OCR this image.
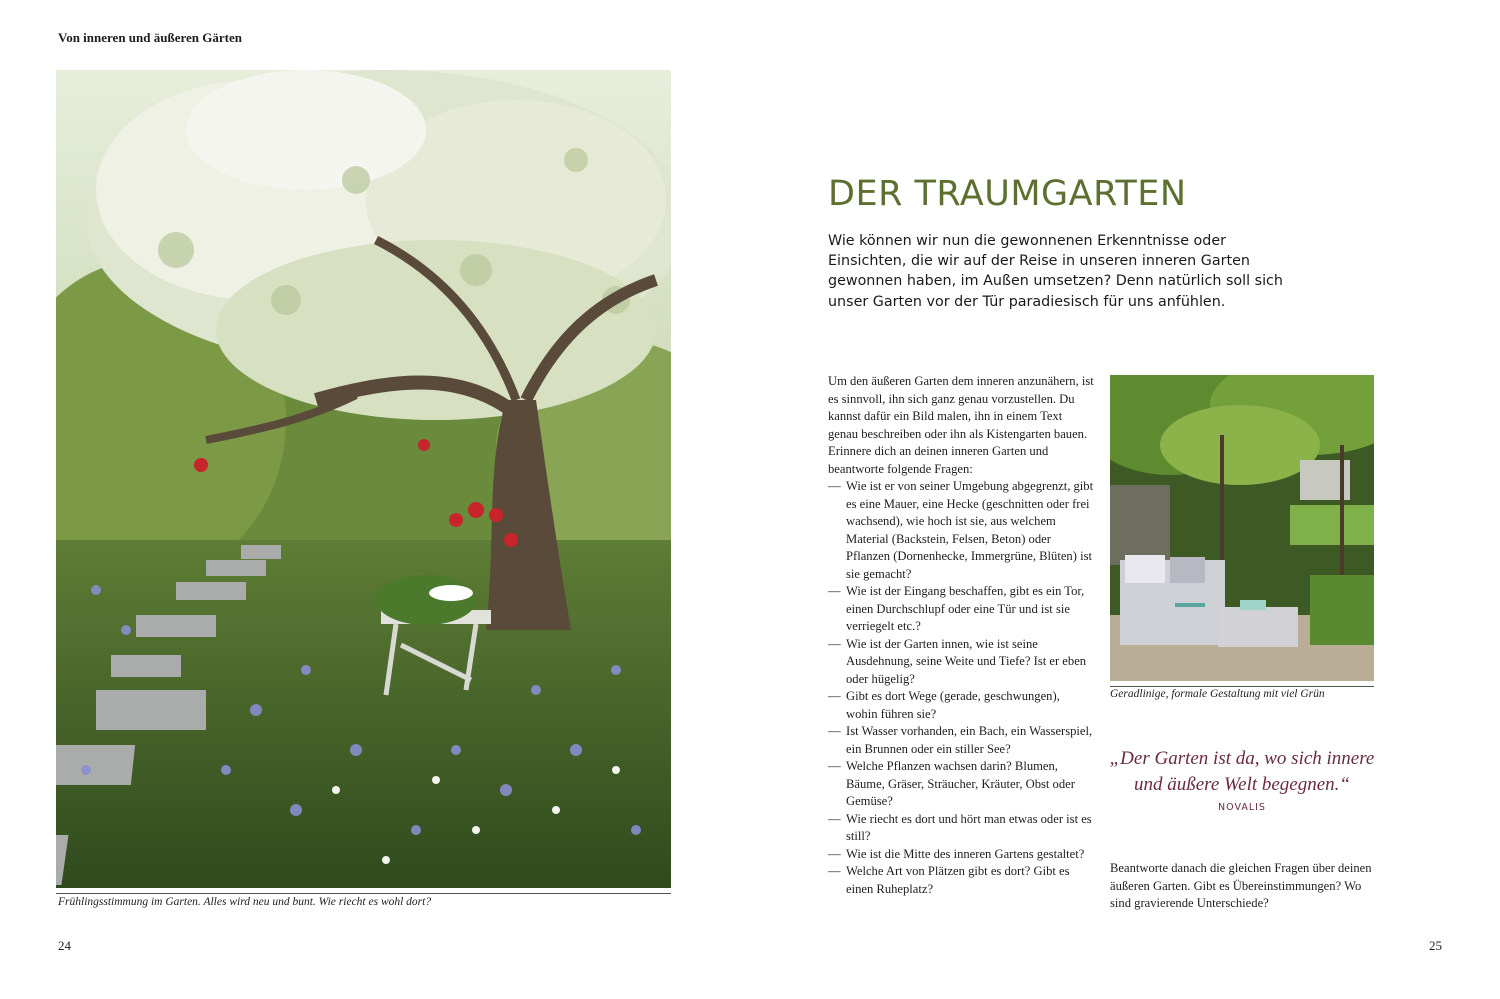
Von inneren und äußeren Gärten
Frühlingsstimmung im Garten. Alles wird neu und bunt. Wie riecht es wohl dort?
24
DER TRAUMGARTEN
Wie können wir nun die gewonnenen Erkenntnisse oder Einsichten, die wir auf der Reise in unseren inneren Garten gewonnen haben, im Außen umsetzen? Denn natürlich soll sich unser Garten vor der Tür paradiesisch für uns anfühlen.

Um den äußeren Garten dem inneren anzunähern, ist es sinnvoll, ihn sich ganz genau vorzustellen. Du kannst dafür ein Bild malen, ihn in einem Text genau beschreiben oder ihn als Kistengarten bauen. Erinnere dich an deinen inneren Garten und beantworte folgende Fragen:

— Wie ist er von seiner Umgebung abgegrenzt, gibt es eine Mauer, eine Hecke (geschnitten oder frei wachsend), wie hoch ist sie, aus welchem Material (Backstein, Felsen, Beton) oder Pflanzen (Dornenhecke, Immergrüne, Blüten) ist sie gemacht?
— Wie ist der Eingang beschaffen, gibt es ein Tor, einen Durchschlupf oder eine Tür und ist sie verriegelt etc.?
— Wie ist der Garten innen, wie ist seine Ausdehnung, seine Weite und Tiefe? Ist er eben oder hügelig?
— Gibt es dort Wege (gerade, geschwungen), wohin führen sie?
— Ist Wasser vorhanden, ein Bach, ein Wasserspiel, ein Brunnen oder ein stiller See?
— Welche Pflanzen wachsen darin? Blumen, Bäume, Gräser, Sträucher, Kräuter, Obst oder Gemüse?
— Wie riecht es dort und hört man etwas oder ist es still?
— Wie ist die Mitte des inneren Gartens gestaltet?
— Welche Art von Plätzen gibt es dort? Gibt es einen Ruheplatz?
Geradlinige, formale Gestaltung mit viel Grün
„Der Garten ist da, wo sich innere und äußere Welt begegnen.“
NOVALIS

Beantworte danach die gleichen Fragen über deinen äußeren Garten. Gibt es Übereinstimmungen? Wo sind gravierende Unterschiede?

25
